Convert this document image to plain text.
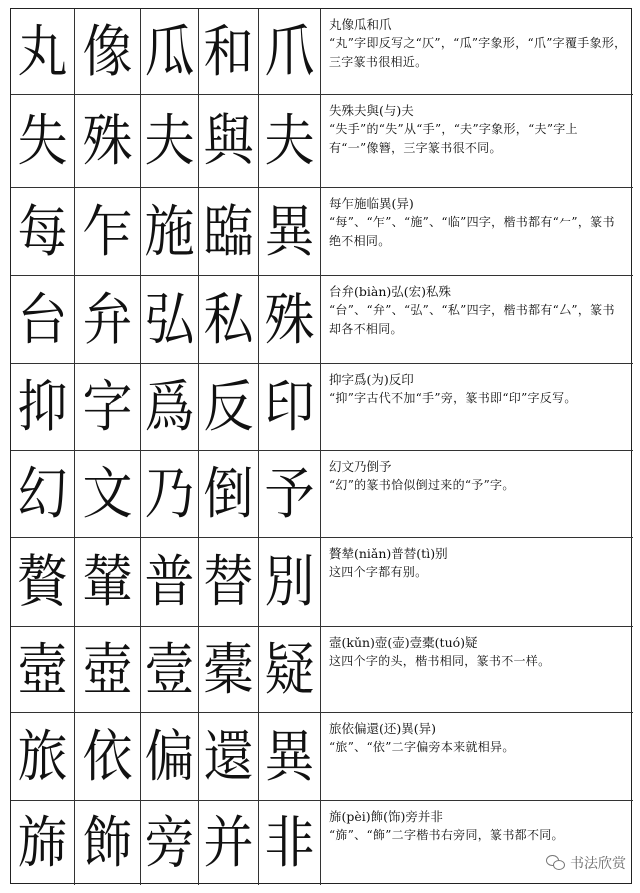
丸 像 瓜 和 爪 丸像瓜和爪
“丸”字即反写之“仄”，“瓜”字象形，“爪”字覆手象形，三字篆书很相近。
失 殊 夫 與 夫 失殊夫與(与)夫
“失手”的“失”从“手”，“夫”字象形，“夫”字上有“一”像簪，三字篆书很不同。
每 乍 施 臨 異 每乍施临異(异)
“每”、“乍”、“施”、“临”四字，楷书都有“𠂉”，篆书绝不相同。
台 弁 弘 私 殊 台弁(biàn)弘(宏)私殊
“台”、“弁”、“弘”、“私”四字，楷书都有“厶”，篆书却各不相同。
抑 字 爲 反 印 抑字爲(为)反印
“抑”字古代不加“手”旁，篆书即“印”字反写。
幻 文 乃 倒 予 幻文乃倒予
“幻”的篆书恰似倒过来的“予”字。
贅 輦 普 替 別 贅辇(niǎn)普替(tì)别
这四个字都有别。
壼 壺 壹 橐 疑 壼(kǔn)壺(壶)壹橐(tuó)疑
这四个字的头，楷书相同，篆书不一样。
旅 依 偏 還 異 旅依偏還(还)異(异)
“旅”、“依”二字偏旁本来就相异。
旆 飾 旁 并 非 旆(pèi)飾(饰)旁并非
“旆”、“飾”二字楷书右旁同，篆书都不同。
书法欣赏
